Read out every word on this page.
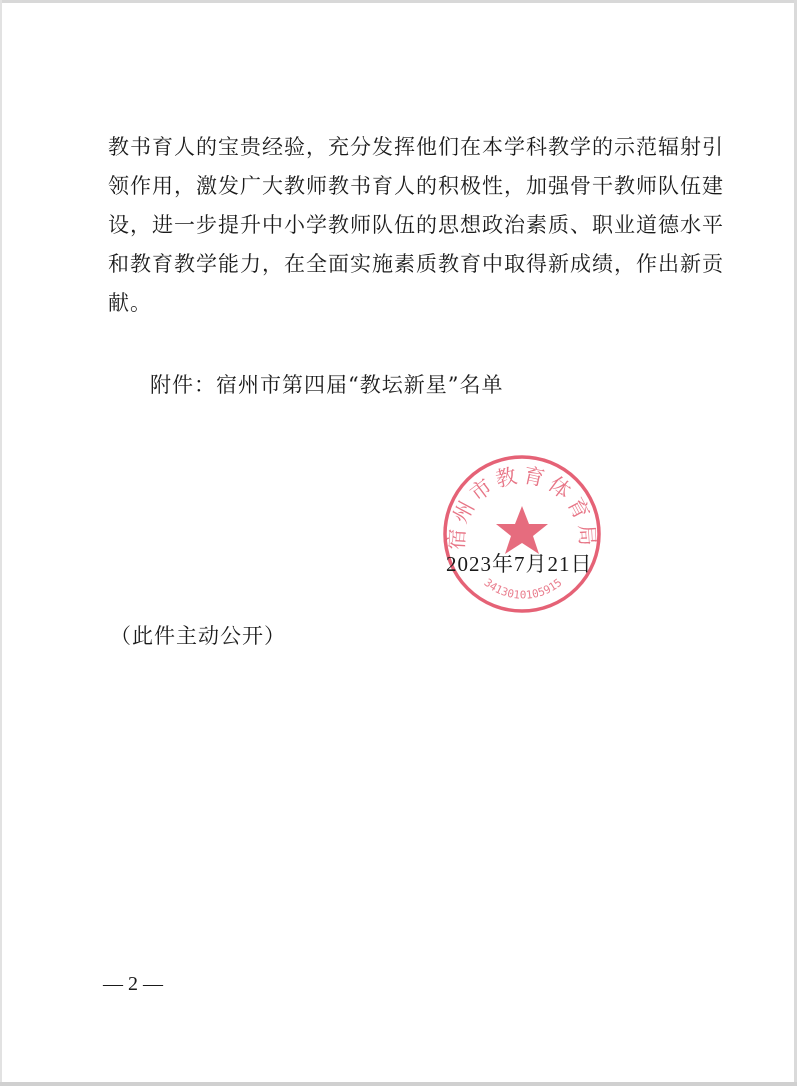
教书育人的宝贵经验，充分发挥他们在本学科教学的示范辐射引
领作用，激发广大教师教书育人的积极性，加强骨干教师队伍建
设，进一步提升中小学教师队伍的思想政治素质、职业道德水平
和教育教学能力，在全面实施素质教育中取得新成绩，作出新贡
献。
附件：宿州市第四届“教坛新星”名单
宿州市教育体育局
3413010105915
2023年7月21日
（此件主动公开）
— 2 —
